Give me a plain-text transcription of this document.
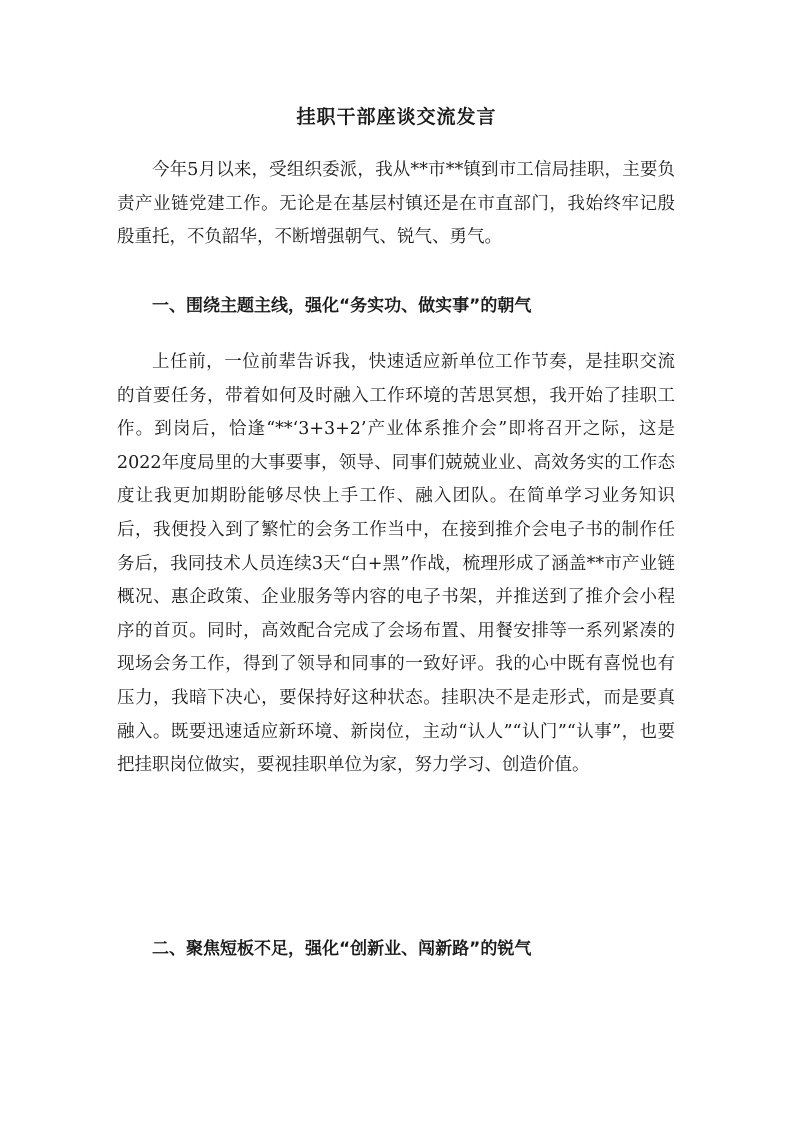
挂职干部座谈交流发言

今年5月以来，受组织委派，我从**市**镇到市工信局挂职，主要负责产业链党建工作。无论是在基层村镇还是在市直部门，我始终牢记殷殷重托，不负韶华，不断增强朝气、锐气、勇气。

一、围绕主题主线，强化“务实功、做实事”的朝气

上任前，一位前辈告诉我，快速适应新单位工作节奏，是挂职交流的首要任务，带着如何及时融入工作环境的苦思冥想，我开始了挂职工作。到岗后，恰逢“**‘3+3+2’产业体系推介会”即将召开之际，这是2022年度局里的大事要事，领导、同事们兢兢业业、高效务实的工作态度让我更加期盼能够尽快上手工作、融入团队。在简单学习业务知识后，我便投入到了繁忙的会务工作当中，在接到推介会电子书的制作任务后，我同技术人员连续3天“白+黑”作战，梳理形成了涵盖**市产业链概况、惠企政策、企业服务等内容的电子书架，并推送到了推介会小程序的首页。同时，高效配合完成了会场布置、用餐安排等一系列紧凑的现场会务工作，得到了领导和同事的一致好评。我的心中既有喜悦也有压力，我暗下决心，要保持好这种状态。挂职决不是走形式，而是要真融入。既要迅速适应新环境、新岗位，主动“认人”“认门”“认事”，也要把挂职岗位做实，要视挂职单位为家，努力学习、创造价值。

二、聚焦短板不足，强化“创新业、闯新路”的锐气
